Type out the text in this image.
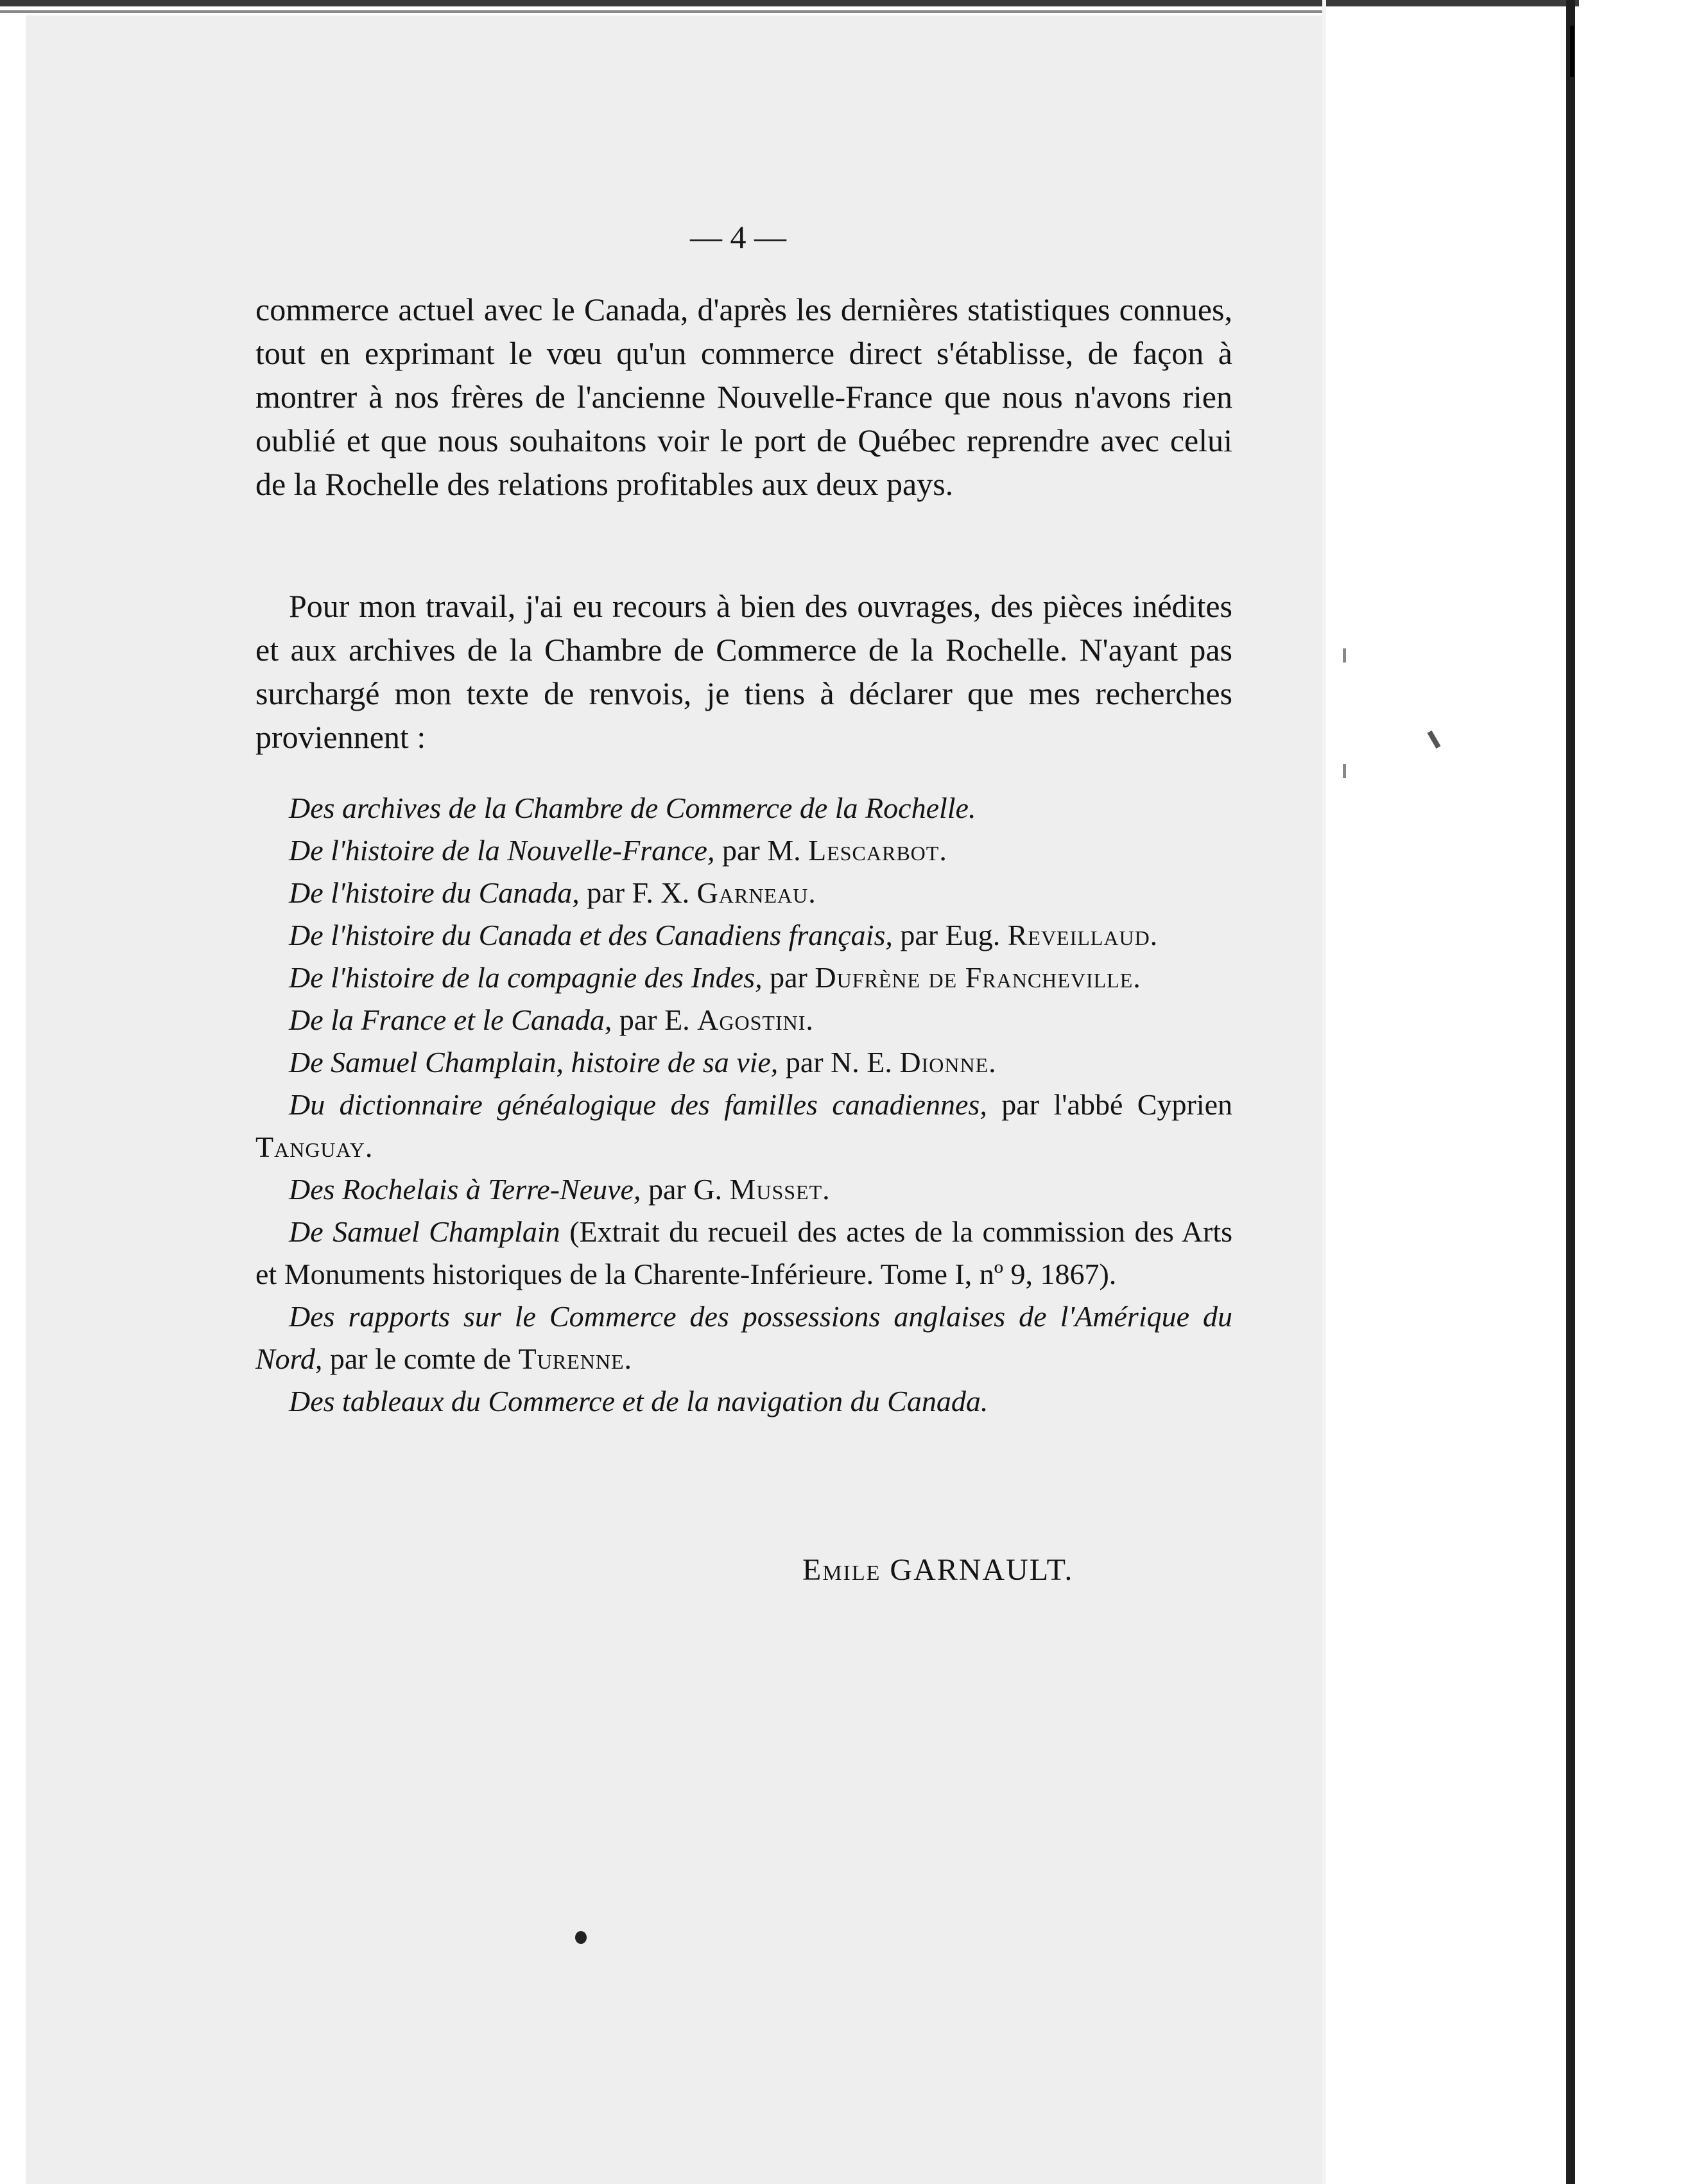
— 4 —
commerce actuel avec le Canada, d'après les dernières statistiques connues, tout en exprimant le vœu qu'un commerce direct s'établisse, de façon à montrer à nos frères de l'ancienne Nouvelle-France que nous n'avons rien oublié et que nous souhaitons voir le port de Québec reprendre avec celui de la Rochelle des relations profitables aux deux pays.
Pour mon travail, j'ai eu recours à bien des ouvrages, des pièces inédites et aux archives de la Chambre de Commerce de la Rochelle. N'ayant pas surchargé mon texte de renvois, je tiens à déclarer que mes recherches proviennent :
Des archives de la Chambre de Commerce de la Rochelle.
De l'histoire de la Nouvelle-France, par M. Lescarbot.
De l'histoire du Canada, par F. X. Garneau.
De l'histoire du Canada et des Canadiens français, par Eug. Reveillaud.
De l'histoire de la compagnie des Indes, par Dufrène de Francheville.
De la France et le Canada, par E. Agostini.
De Samuel Champlain, histoire de sa vie, par N. E. Dionne.
Du dictionnaire généalogique des familles canadiennes, par l'abbé Cyprien Tanguay.
Des Rochelais à Terre-Neuve, par G. Musset.
De Samuel Champlain (Extrait du recueil des actes de la commission des Arts et Monuments historiques de la Charente-Inférieure. Tome I, nº 9, 1867).
Des rapports sur le Commerce des possessions anglaises de l'Amérique du Nord, par le comte de Turenne.
Des tableaux du Commerce et de la navigation du Canada.
Emile GARNAULT.
